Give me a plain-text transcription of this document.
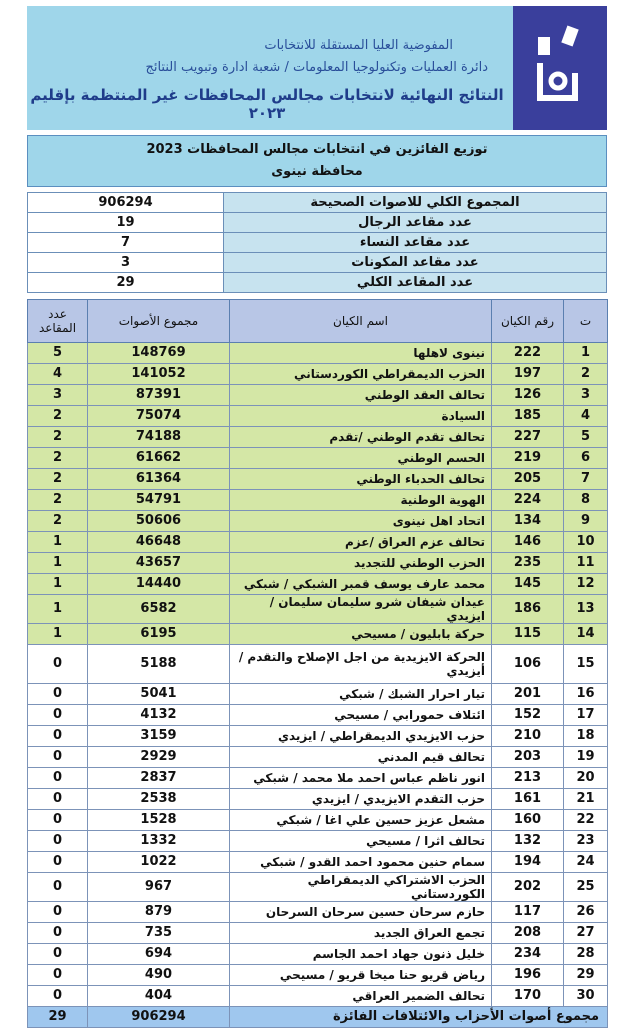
المفوضية العليا المستقلة للانتخابات
دائرة العمليات وتكنولوجيا المعلومات / شعبة ادارة وتبويب النتائج
النتائج النهائية لانتخابات مجالس المحافظات غير المنتظمة بإقليم ٢٠٢٣
توزيع الفائزين في انتخابات مجالس المحافظات 2023
محافظة نينوى
المجموع الكلي للاصوات الصحيحة	906294
عدد مقاعد الرجال	19
عدد مقاعد النساء	7
عدد مقاعد المكونات	3
عدد المقاعد الكلي	29
ت	رقم الكيان	اسم الكيان	مجموع الأصوات	عدد المقاعد
1	222	نينوى لاهلها	148769	5
2	197	الحزب الديمقراطي الكوردستاني	141052	4
3	126	تحالف العقد الوطني	87391	3
4	185	السيادة	75074	2
5	227	تحالف تقدم الوطني /تقدم	74188	2
6	219	الحسم الوطني	61662	2
7	205	تحالف الحدباء الوطني	61364	2
8	224	الهوية الوطنية	54791	2
9	134	اتحاد اهل نينوى	50606	2
10	146	تحالف عزم العراق /عزم	46648	1
11	235	الحزب الوطني للتجديد	43657	1
12	145	محمد عارف يوسف قمبر الشبكي / شبكي	14440	1
13	186	عيدان شيفان شرو سليمان سليمان / ايزيدي	6582	1
14	115	حركة بابليون / مسيحي	6195	1
15	106	الحركة الايزيدية من اجل الإصلاح والتقدم / أيزيدي	5188	0
16	201	تيار احرار الشبك / شبكي	5041	0
17	152	ائتلاف حمورابي / مسيحي	4132	0
18	210	حزب الايزيدي الديمقراطي / ايزيدي	3159	0
19	203	تحالف قيم المدني	2929	0
20	213	انور ناظم عباس احمد ملا محمد / شبكي	2837	0
21	161	حزب التقدم الايزيدي / ايزيدي	2538	0
22	160	مشعل عزيز حسين علي اغا / شبكي	1528	0
23	132	تحالف اثرا / مسيحي	1332	0
24	194	سمام حنين محمود احمد القدو / شبكي	1022	0
25	202	الحزب الاشتراكي الديمقراطي الكوردستاني	967	0
26	117	حازم سرحان حسين سرحان السرحان	879	0
27	208	تجمع العراق الجديد	735	0
28	234	خليل ذنون جهاد احمد الجاسم	694	0
29	196	رياض قريو حنا ميخا قريو / مسيحي	490	0
30	170	تحالف الضمير العراقي	404	0
مجموع أصوات الأحزاب والائتلافات الفائزة			906294	29
